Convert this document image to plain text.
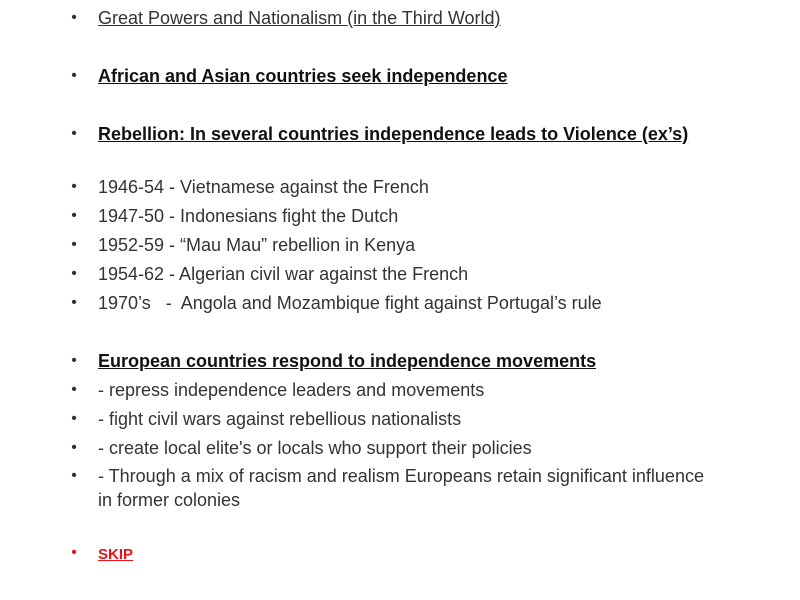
• Great Powers and Nationalism (in the Third World)
• African and Asian countries seek independence
• Rebellion: In several countries independence leads to Violence (ex’s)
• 1946-54 - Vietnamese against the French
• 1947-50 - Indonesians fight the Dutch
• 1952-59 - “Mau Mau” rebellion in Kenya
• 1954-62 - Algerian civil war against the French
• 1970’s   -  Angola and Mozambique fight against Portugal’s rule
• European countries respond to independence movements
• - repress independence leaders and movements
• - fight civil wars against rebellious nationalists
• - create local elite's or locals who support their policies
• - Through a mix of racism and realism Europeans retain significant influence in former colonies
• SKIP
